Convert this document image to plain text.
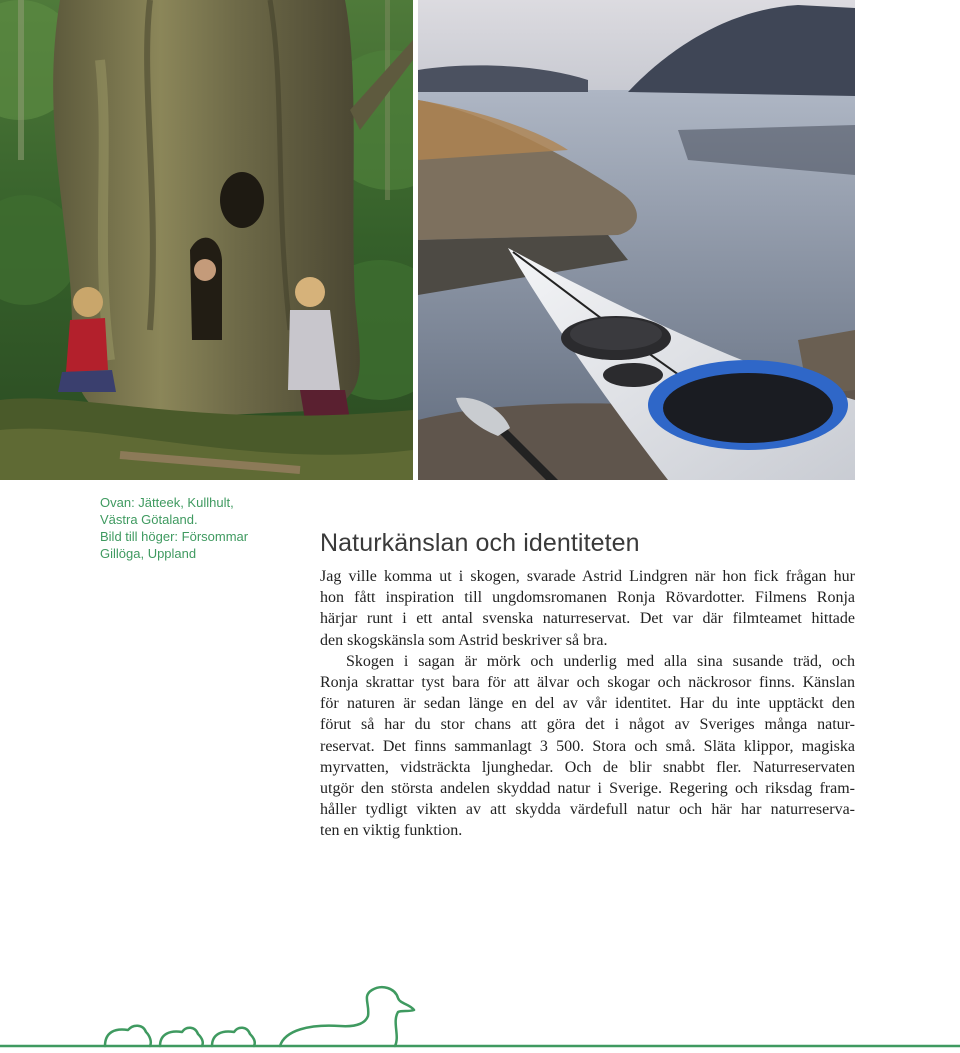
Ovan: Jätteek, Kullhult,
Västra Götaland.
Bild till höger: Försommar
Gillöga, Uppland	Naturkänslan och identiteten
Jag ville komma ut i skogen, svarade Astrid Lindgren när hon fick frågan hur
hon fått inspiration till ungdomsromanen Ronja Rövardotter. Filmens Ronja
härjar runt i ett antal svenska naturreservat. Det var där filmteamet hittade
den skogskänsla som Astrid beskriver så bra.
Skogen i sagan är mörk och underlig med alla sina susande träd, och
Ronja skrattar tyst bara för att älvar och skogar och näckrosor finns. Känslan
för naturen är sedan länge en del av vår identitet. Har du inte upptäckt den
förut så har du stor chans att göra det i något av Sveriges många natur-
reservat. Det finns sammanlagt 3 500. Stora och små. Släta klippor, magiska
myrvatten, vidsträckta ljunghedar. Och de blir snabbt fler. Naturreservaten
utgör den största andelen skyddad natur i Sverige. Regering och riksdag fram-
håller tydligt vikten av att skydda värdefull natur och här har naturreserva-
ten en viktig funktion.
